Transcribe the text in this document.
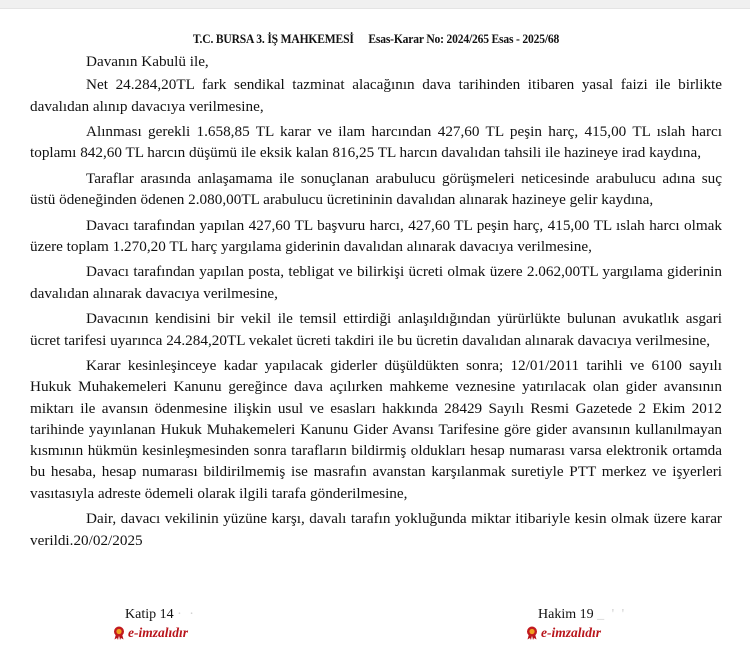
T.C. BURSA 3. İŞ MAHKEMESİ Esas-Karar No: 2024/265 Esas - 2025/68

Davanın Kabulü ile,

Net 24.284,20TL fark sendikal tazminat alacağının dava tarihinden itibaren yasal faizi ile birlikte davalıdan alınıp davacıya verilmesine,

Alınması gerekli 1.658,85 TL karar ve ilam harcından 427,60 TL peşin harç, 415,00 TL ıslah harcı toplamı 842,60 TL harcın düşümü ile eksik kalan 816,25 TL harcın davalıdan tahsili ile hazineye irad kaydına,

Taraflar arasında anlaşamama ile sonuçlanan arabulucu görüşmeleri neticesinde arabulucu adına suç üstü ödeneğinden ödenen 2.080,00TL arabulucu ücretininin davalıdan alınarak hazineye gelir kaydına,

Davacı tarafından yapılan 427,60 TL başvuru harcı, 427,60 TL peşin harç, 415,00 TL ıslah harcı olmak üzere toplam 1.270,20 TL harç yargılama giderinin davalıdan alınarak davacıya verilmesine,

Davacı tarafından yapılan posta, tebligat ve bilirkişi ücreti olmak üzere 2.062,00TL yargılama giderinin davalıdan alınarak davacıya verilmesine,

Davacının kendisini bir vekil ile temsil ettirdiği anlaşıldığından yürürlükte bulunan avukatlık asgari ücret tarifesi uyarınca 24.284,20TL vekalet ücreti takdiri ile bu ücretin davalıdan alınarak davacıya verilmesine,

Karar kesinleşinceye kadar yapılacak giderler düşüldükten sonra; 12/01/2011 tarihli ve 6100 sayılı Hukuk Muhakemeleri Kanunu gereğince dava açılırken mahkeme veznesine yatırılacak olan gider avansının miktarı ile avansın ödenmesine ilişkin usul ve esasları hakkında 28429 Sayılı Resmi Gazetede 2 Ekim 2012 tarihinde yayınlanan Hukuk Muhakemeleri Kanunu Gider Avansı Tarifesine göre gider avansının kullanılmayan kısmının hükmün kesinleşmesinden sonra tarafların bildirmiş oldukları hesap numarası varsa elektronik ortamda bu hesaba, hesap numarası bildirilmemiş ise masrafın avanstan karşılanmak suretiyle PTT merkez ve işyerleri vasıtasıyla adreste ödemeli olarak ilgili tarafa gönderilmesine,

Dair, davacı vekilinin yüzüne karşı, davalı tarafın yokluğunda miktar itibariyle kesin olmak üzere karar verildi.20/02/2025

Katip 14 · ·
e-imzalıdır
Hakim 19 _ ' '
e-imzalıdır
